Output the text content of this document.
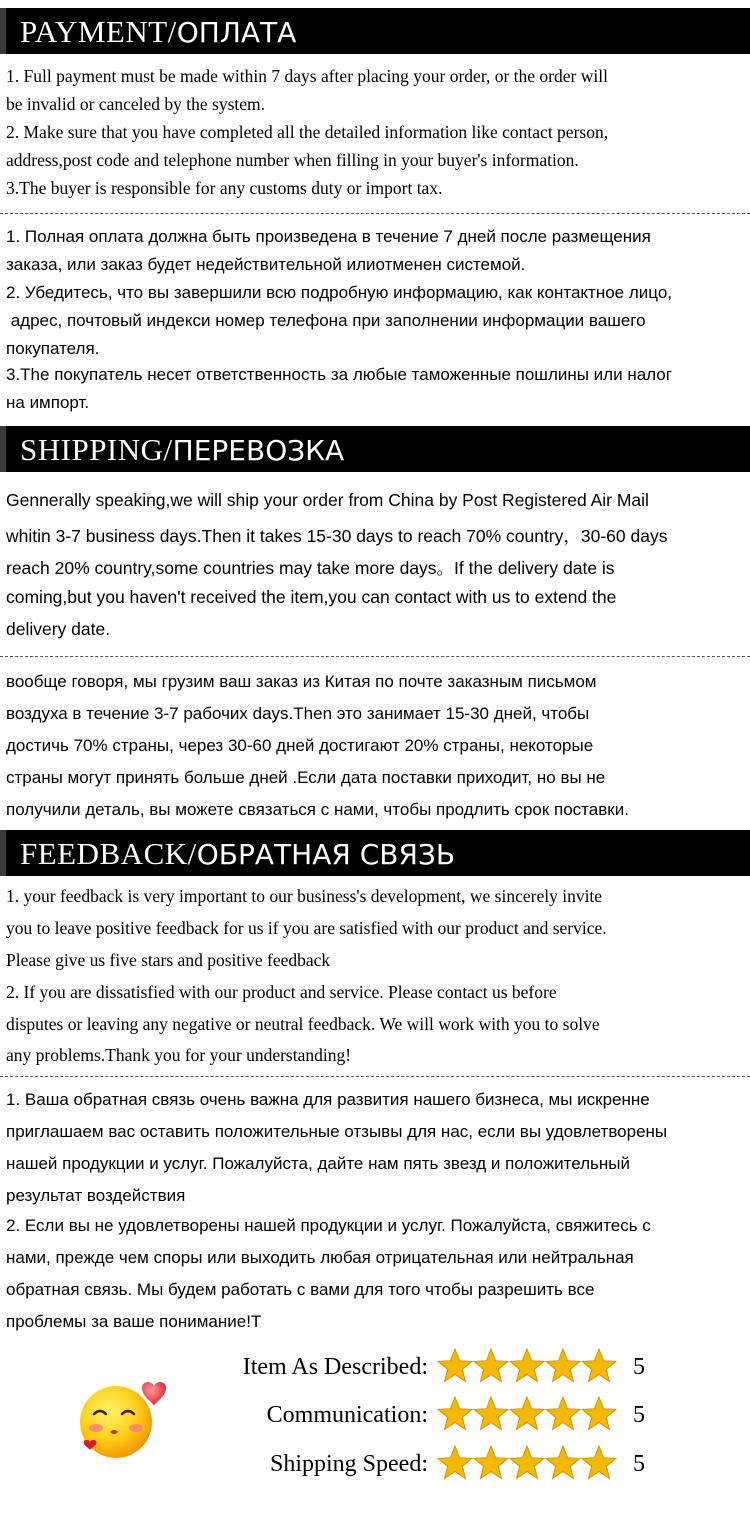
PAYMENT/ОПЛАТА
1. Full payment must be made within 7 days after placing your order, or the order will
be invalid or canceled by the system.
2. Make sure that you have completed all the detailed information like contact person,
address,post code and telephone number when filling in your buyer's information.
3.The buyer is responsible for any customs duty or import tax.
1. Полная оплата должна быть произведена в течение 7 дней после размещения
заказа, или заказ будет недействительной илиотменен системой.
2. Убедитесь, что вы завершили всю подробную информацию, как контактное лицо,
адрес, почтовый индекси номер телефона при заполнении информации вашего
покупателя.
3.The покупатель несет ответственность за любые таможенные пошлины или налог
на импорт.
SHIPPING/ПЕРЕВОЗКА
Gennerally speaking,we will ship your order from China by Post Registered Air Mail
whitin 3-7 business days.Then it takes 15-30 days to reach 70% country，30-60 days
reach 20% country,some countries may take more days。If the delivery date is
coming,but you haven't received the item,you can contact with us to extend the
delivery date.
вообще говоря, мы грузим ваш заказ из Китая по почте заказным письмом
воздуха в течение 3-7 рабочих days.Then это занимает 15-30 дней, чтобы
достичь 70% страны, через 30-60 дней достигают 20% страны, некоторые
страны могут принять больше дней .Если дата поставки приходит, но вы не
получили деталь, вы можете связаться с нами, чтобы продлить срок поставки.
FEEDBACK/ОБРАТНАЯ СВЯЗЬ
1. your feedback is very important to our business's development, we sincerely invite
you to leave positive feedback for us if you are satisfied with our product and service.
Please give us five stars and positive feedback
2. If you are dissatisfied with our product and service. Please contact us before
disputes or leaving any negative or neutral feedback. We will work with you to solve
any problems.Thank you for your understanding!
1. Ваша обратная связь очень важна для развития нашего бизнеса, мы искренне
приглашаем вас оставить положительные отзывы для нас, если вы удовлетворены
нашей продукции и услуг. Пожалуйста, дайте нам пять звезд и положительный
результат воздействия
2. Если вы не удовлетворены нашей продукции и услуг. Пожалуйста, свяжитесь с
нами, прежде чем споры или выходить любая отрицательная или нейтральная
обратная связь. Мы будем работать с вами для того чтобы разрешить все
проблемы за ваше понимание!T
Item As Described:	5
Communication:	5
Shipping Speed:	5
